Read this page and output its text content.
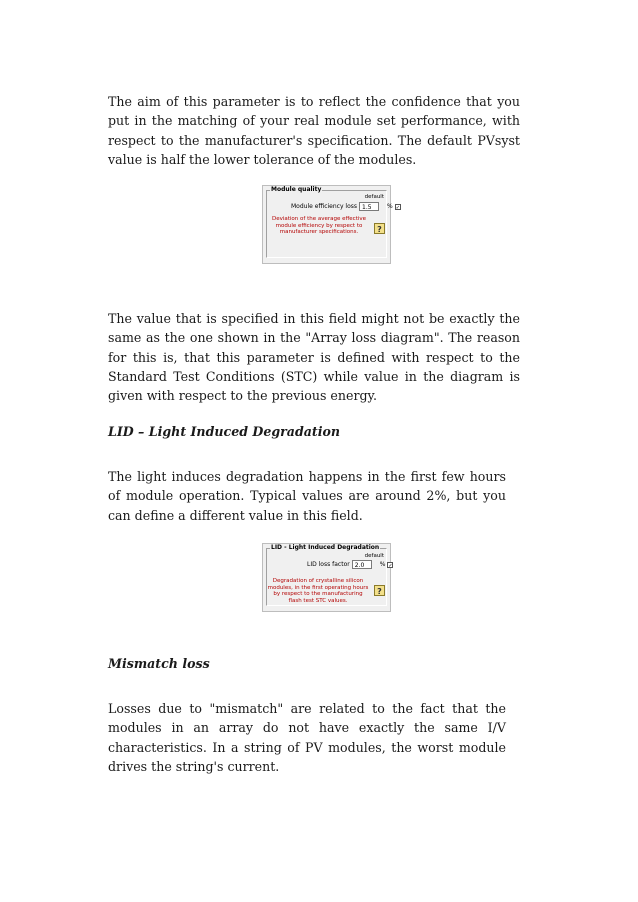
The aim of this parameter is to reflect the confidence that you put in the matching of your real module set performance, with respect to the manufacturer's specification. The default PVsyst value is half the lower tolerance of the modules.
Module quality
default
Module efficiency loss 1.5	% ✓
Deviation of the average effective module efficiency by respect to manufacturer specifications.	?
The value that is specified in this field might not be exactly the same as the one shown in the "Array loss diagram". The reason for this is, that this parameter is defined with respect to the Standard Test Conditions (STC) while value in the diagram is given with respect to the previous energy.
LID – Light Induced Degradation
The light induces degradation happens in the first few hours of module operation. Typical values are around 2%, but you can define a different value in this field.
LID - Light Induced Degradation
default
LID loss factor 2.0	% ✓
Degradation of crystalline silicon modules, in the first operating hours by respect to the manufacturing flash test STC values.
?
Mismatch loss
Losses due to "mismatch" are related to the fact that the modules in an array do not have exactly the same I/V characteristics. In a string of PV modules, the worst module drives the string's current.
